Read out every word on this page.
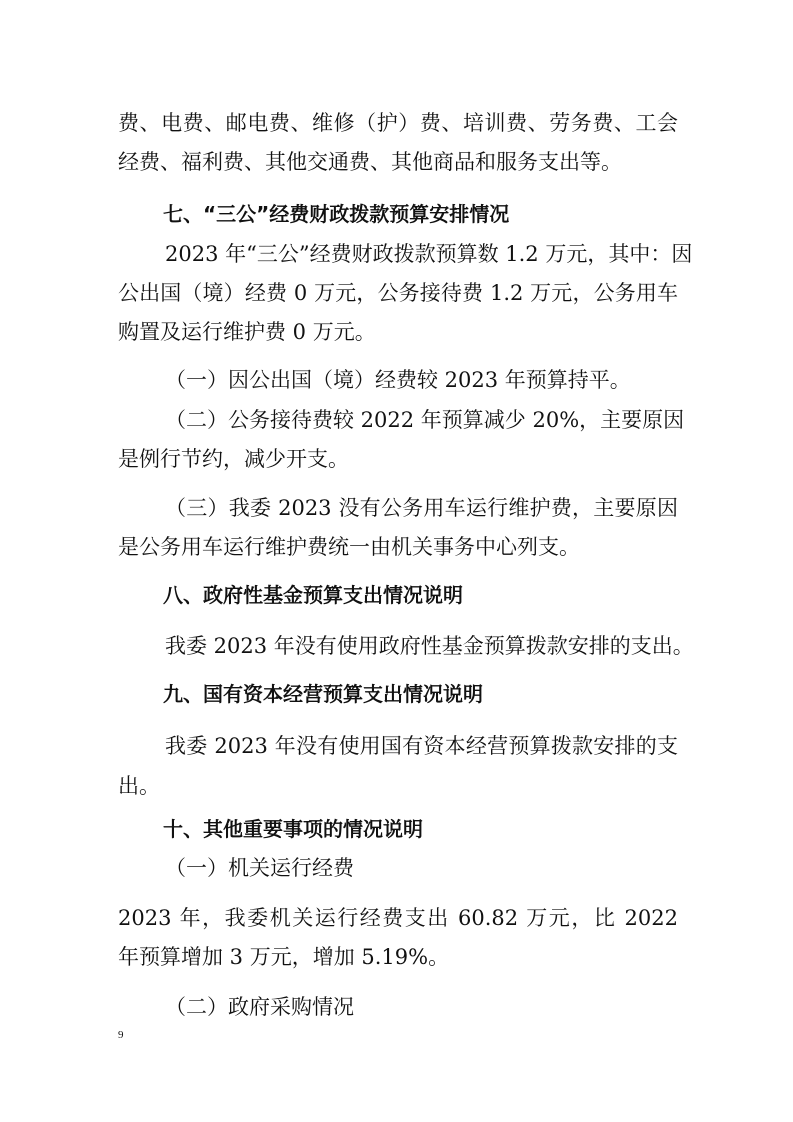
费、电费、邮电费、维修（护）费、培训费、劳务费、工会
经费、福利费、其他交通费、其他商品和服务支出等。
七、“三公”经费财政拨款预算安排情况
2023 年“三公”经费财政拨款预算数 1.2 万元，其中：因
公出国（境）经费 0 万元，公务接待费 1.2 万元，公务用车
购置及运行维护费 0 万元。
（一）因公出国（境）经费较 2023 年预算持平。
（二）公务接待费较 2022 年预算减少 20%，主要原因
是例行节约，减少开支。
（三）我委 2023 没有公务用车运行维护费，主要原因
是公务用车运行维护费统一由机关事务中心列支。
八、政府性基金预算支出情况说明
我委 2023 年没有使用政府性基金预算拨款安排的支出。
九、国有资本经营预算支出情况说明
我委 2023 年没有使用国有资本经营预算拨款安排的支
出。
十、其他重要事项的情况说明
（一）机关运行经费
2023 年，我委机关运行经费支出 60.82 万元，比 2022
年预算增加 3 万元，增加 5.19%。
（二）政府采购情况
9
